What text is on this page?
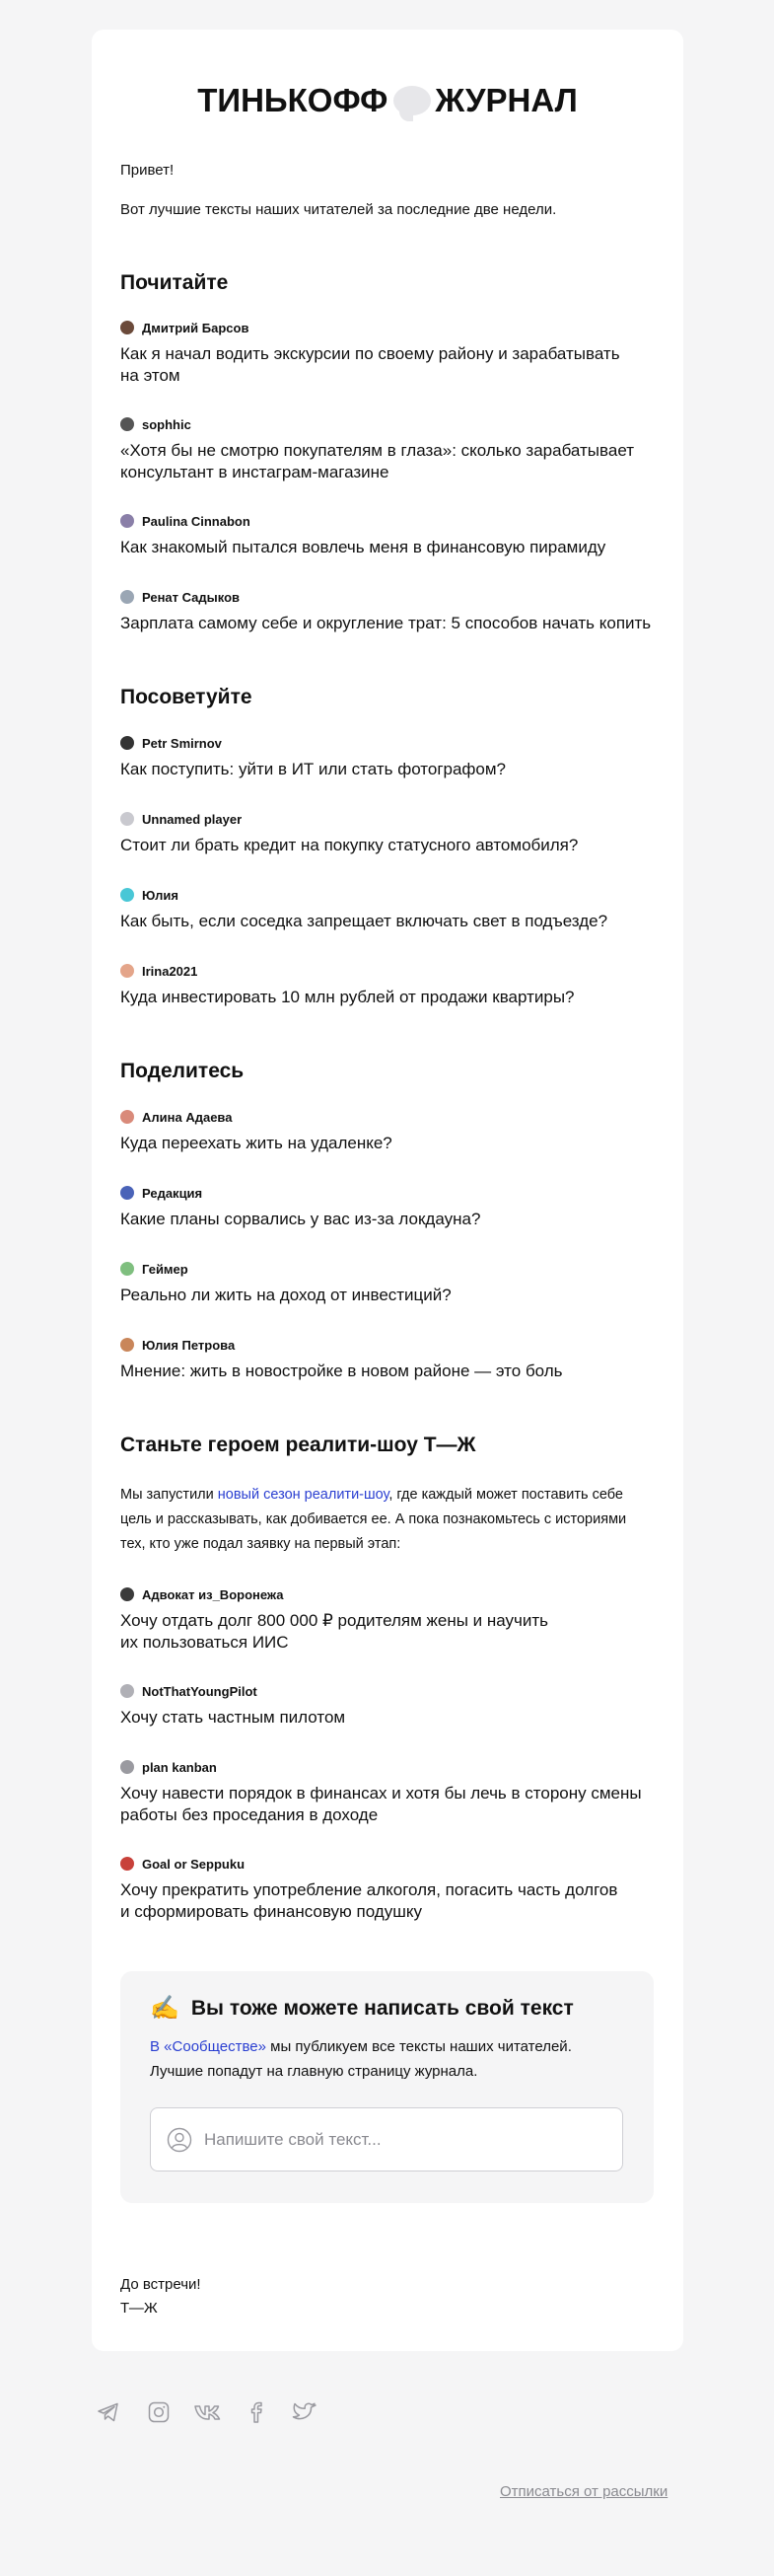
ТИНЬКОФФ ЖУРНАЛ
Привет!
Вот лучшие тексты наших читателей за последние две недели.
Почитайте
Дмитрий Барсов
Как я начал водить экскурсии по своему району и зарабатывать
на этом
sophhic
«Хотя бы не смотрю покупателям в глаза»: сколько зарабатывает
консультант в инстаграм-магазине
Paulina Cinnabon
Как знакомый пытался вовлечь меня в финансовую пирамиду
Ренат Садыков
Зарплата самому себе и округление трат: 5 способов начать копить
Посоветуйте
Petr Smirnov
Как поступить: уйти в ИТ или стать фотографом?
Unnamed player
Стоит ли брать кредит на покупку статусного автомобиля?
Юлия
Как быть, если соседка запрещает включать свет в подъезде?
Irina2021
Куда инвестировать 10 млн рублей от продажи квартиры?
Поделитесь
Алина Адаева
Куда переехать жить на удаленке?
Редакция
Какие планы сорвались у вас из-за локдауна?
Геймер
Реально ли жить на доход от инвестиций?
Юлия Петрова
Мнение: жить в новостройке в новом районе — это боль
Станьте героем реалити-шоу Т—Ж
Мы запустили новый сезон реалити-шоу, где каждый может поставить себе
цель и рассказывать, как добивается ее. А пока познакомьтесь с историями
тех, кто уже подал заявку на первый этап:
Адвокат из_Воронежа
Хочу отдать долг 800 000 ₽ родителям жены и научить
их пользоваться ИИС
NotThatYoungPilot
Хочу стать частным пилотом
plan kanban
Хочу навести порядок в финансах и хотя бы лечь в сторону смены
работы без проседания в доходе
Goal or Seppuku
Хочу прекратить употребление алкоголя, погасить часть долгов
и сформировать финансовую подушку
✍️ Вы тоже можете написать свой текст
В «Сообществе» мы публикуем все тексты наших читателей.
Лучшие попадут на главную страницу журнала.
Напишите свой текст...
До встречи!
Т—Ж
Отписаться от рассылки
